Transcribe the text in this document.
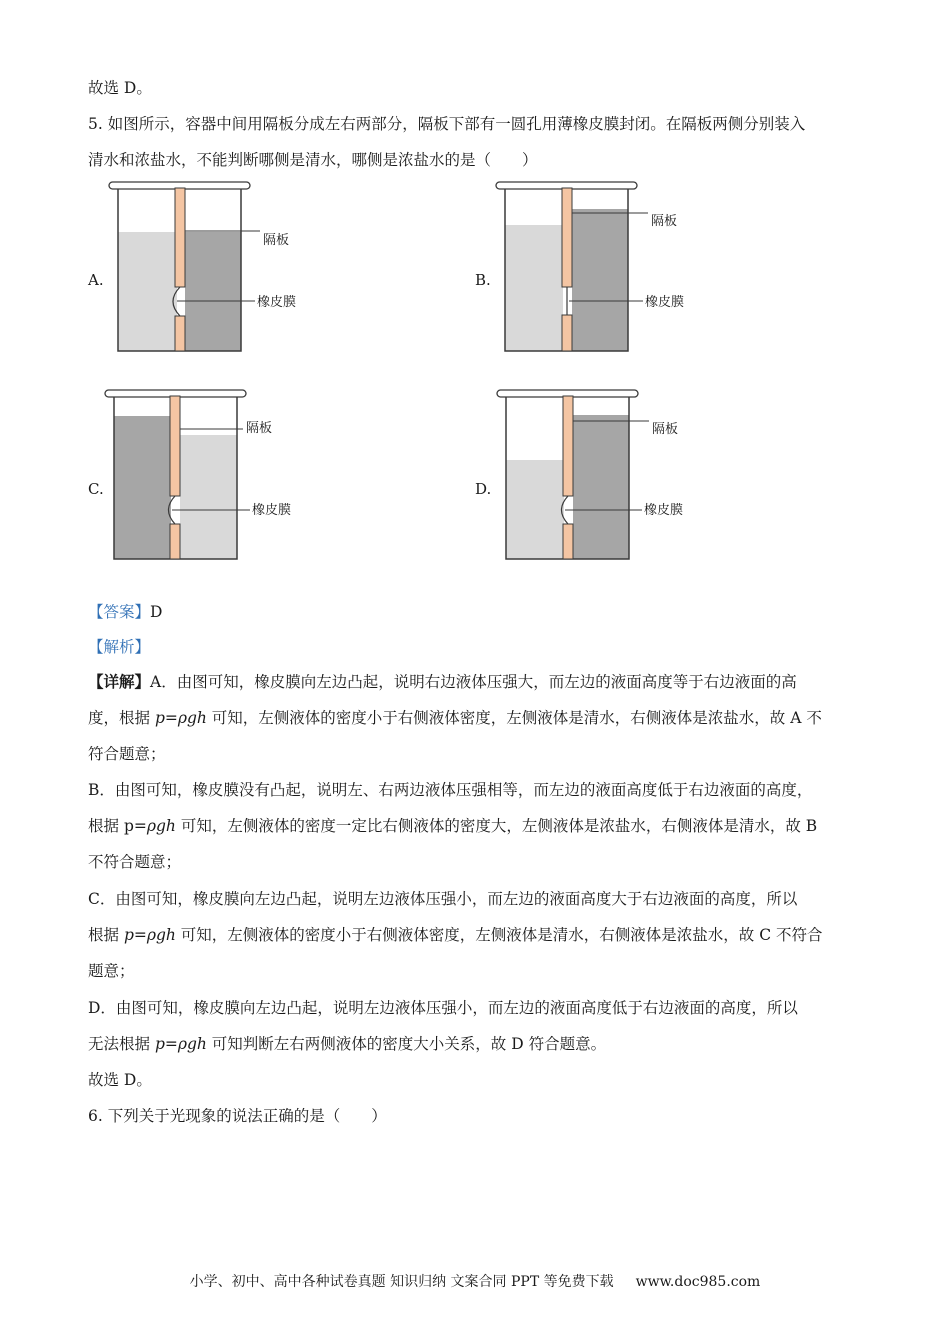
故选 D。
5. 如图所示，容器中间用隔板分成左右两部分，隔板下部有一圆孔用薄橡皮膜封闭。在隔板两侧分别装入
清水和浓盐水，不能判断哪侧是清水，哪侧是浓盐水的是（　　）
A.
隔板
橡皮膜
B.
隔板
橡皮膜
C.
隔板
橡皮膜
D.
隔板
橡皮膜
【答案】D
【解析】
【详解】A．由图可知，橡皮膜向左边凸起，说明右边液体压强大，而左边的液面高度等于右边液面的高
度，根据 p=ρgh 可知，左侧液体的密度小于右侧液体密度，左侧液体是清水，右侧液体是浓盐水，故 A 不
符合题意；
B．由图可知，橡皮膜没有凸起，说明左、右两边液体压强相等，而左边的液面高度低于右边液面的高度，
根据 p=ρgh 可知，左侧液体的密度一定比右侧液体的密度大，左侧液体是浓盐水，右侧液体是清水，故 B
不符合题意；
C．由图可知，橡皮膜向左边凸起，说明左边液体压强小，而左边的液面高度大于右边液面的高度，所以
根据 p=ρgh 可知，左侧液体的密度小于右侧液体密度，左侧液体是清水，右侧液体是浓盐水，故 C 不符合
题意；
D．由图可知，橡皮膜向左边凸起，说明左边液体压强小，而左边的液面高度低于右边液面的高度，所以
无法根据 p=ρgh 可知判断左右两侧液体的密度大小关系，故 D 符合题意。
故选 D。
6. 下列关于光现象的说法正确的是（　　）
小学、初中、高中各种试卷真题 知识归纳 文案合同 PPT 等免费下载 www.doc985.com
